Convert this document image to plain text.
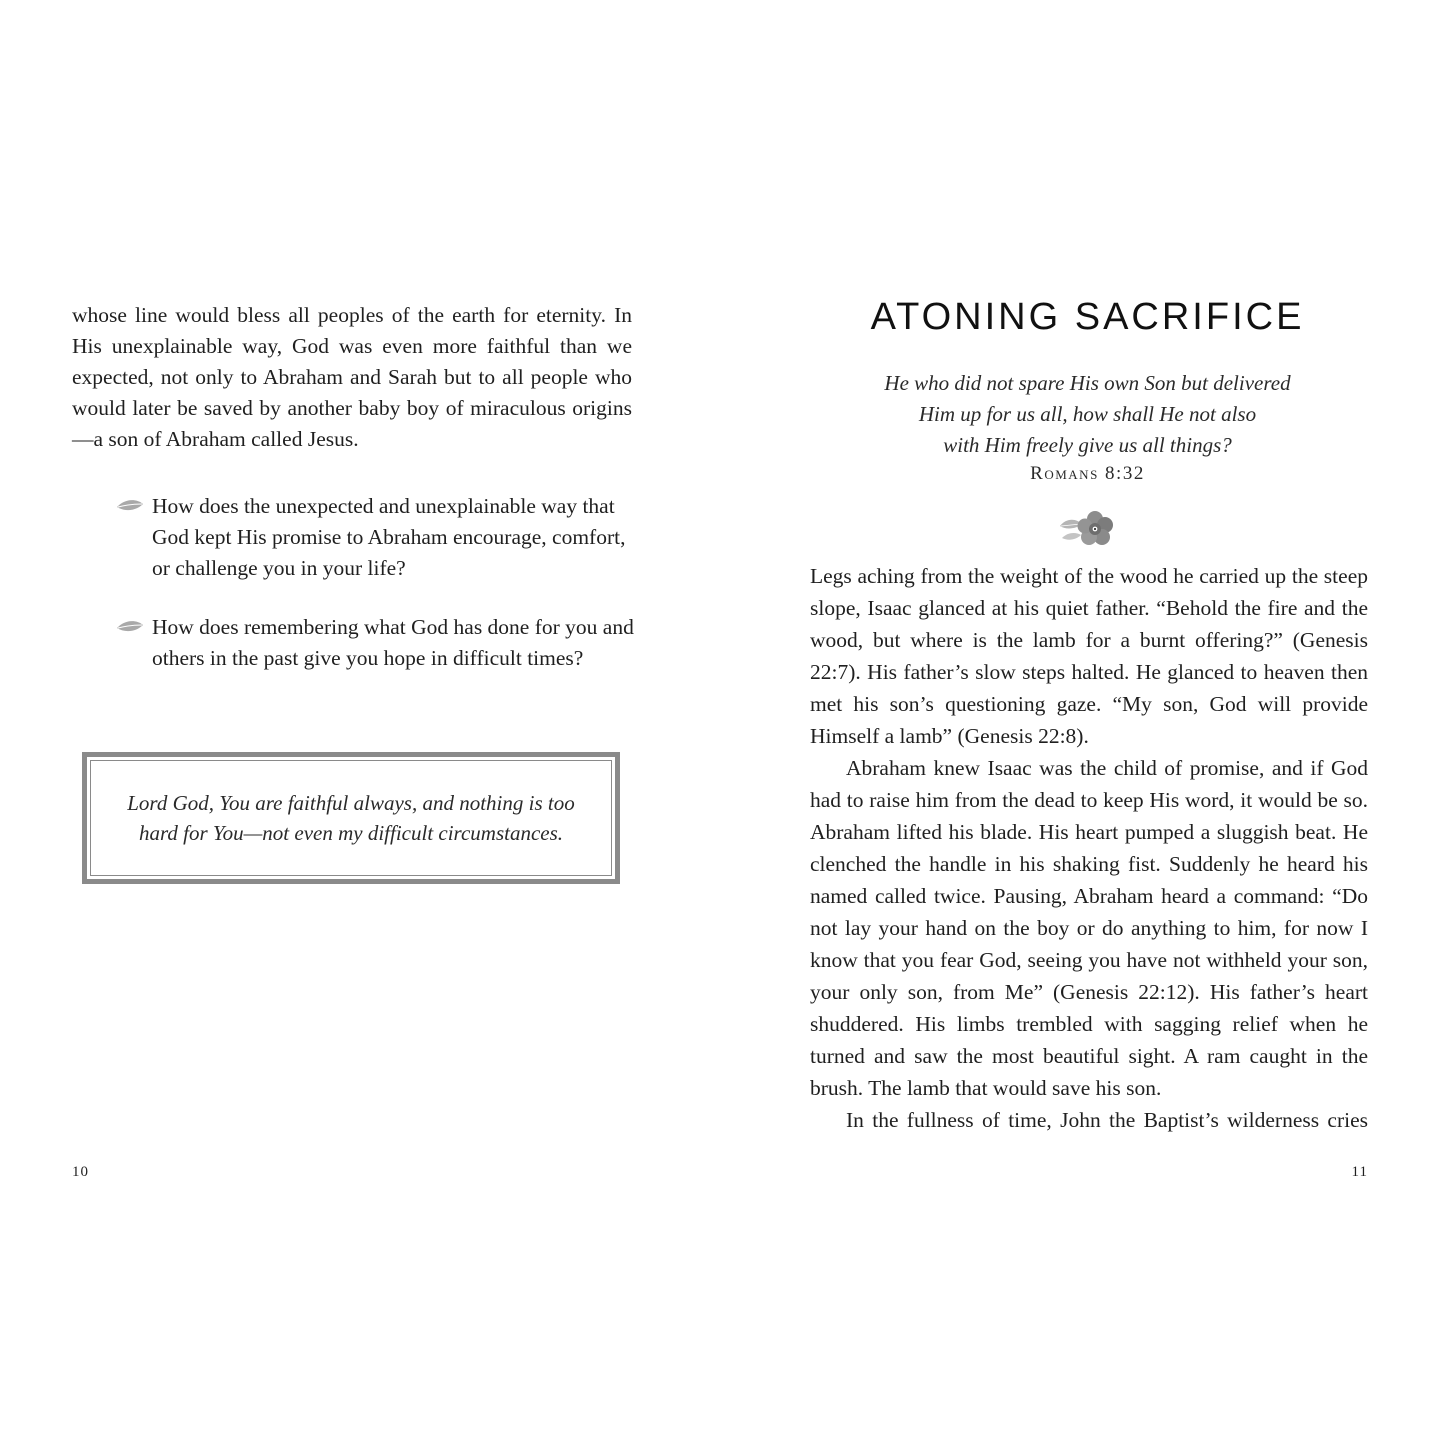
whose line would bless all peoples of the earth for eternity. In His unexplainable way, God was even more faithful than we expected, not only to Abraham and Sarah but to all people who would later be saved by another baby boy of miraculous origins—a son of Abraham called Jesus.

How does the unexpected and unexplainable way that God kept His promise to Abraham encourage, comfort, or challenge you in your life?

How does remembering what God has done for you and others in the past give you hope in difficult times?

Lord God, You are faithful always, and nothing is too hard for You—not even my difficult circumstances.

10
ATONING SACRIFICE
He who did not spare His own Son but delivered
Him up for us all, how shall He not also
with Him freely give us all things?
Romans 8:32

Legs aching from the weight of the wood he carried up the steep slope, Isaac glanced at his quiet father. “Behold the fire and the wood, but where is the lamb for a burnt offering?” (Genesis 22:7). His father’s slow steps halted. He glanced to heaven then met his son’s questioning gaze. “My son, God will provide Himself a lamb” (Genesis 22:8).

Abraham knew Isaac was the child of promise, and if God had to raise him from the dead to keep His word, it would be so. Abraham lifted his blade. His heart pumped a sluggish beat. He clenched the handle in his shaking fist. Suddenly he heard his named called twice. Pausing, Abraham heard a command: “Do not lay your hand on the boy or do anything to him, for now I know that you fear God, seeing you have not withheld your son, your only son, from Me” (Genesis 22:12). His father’s heart shuddered. His limbs trembled with sagging relief when he turned and saw the most beautiful sight. A ram caught in the brush. The lamb that would save his son.

In the fullness of time, John the Baptist’s wilderness cries

11
